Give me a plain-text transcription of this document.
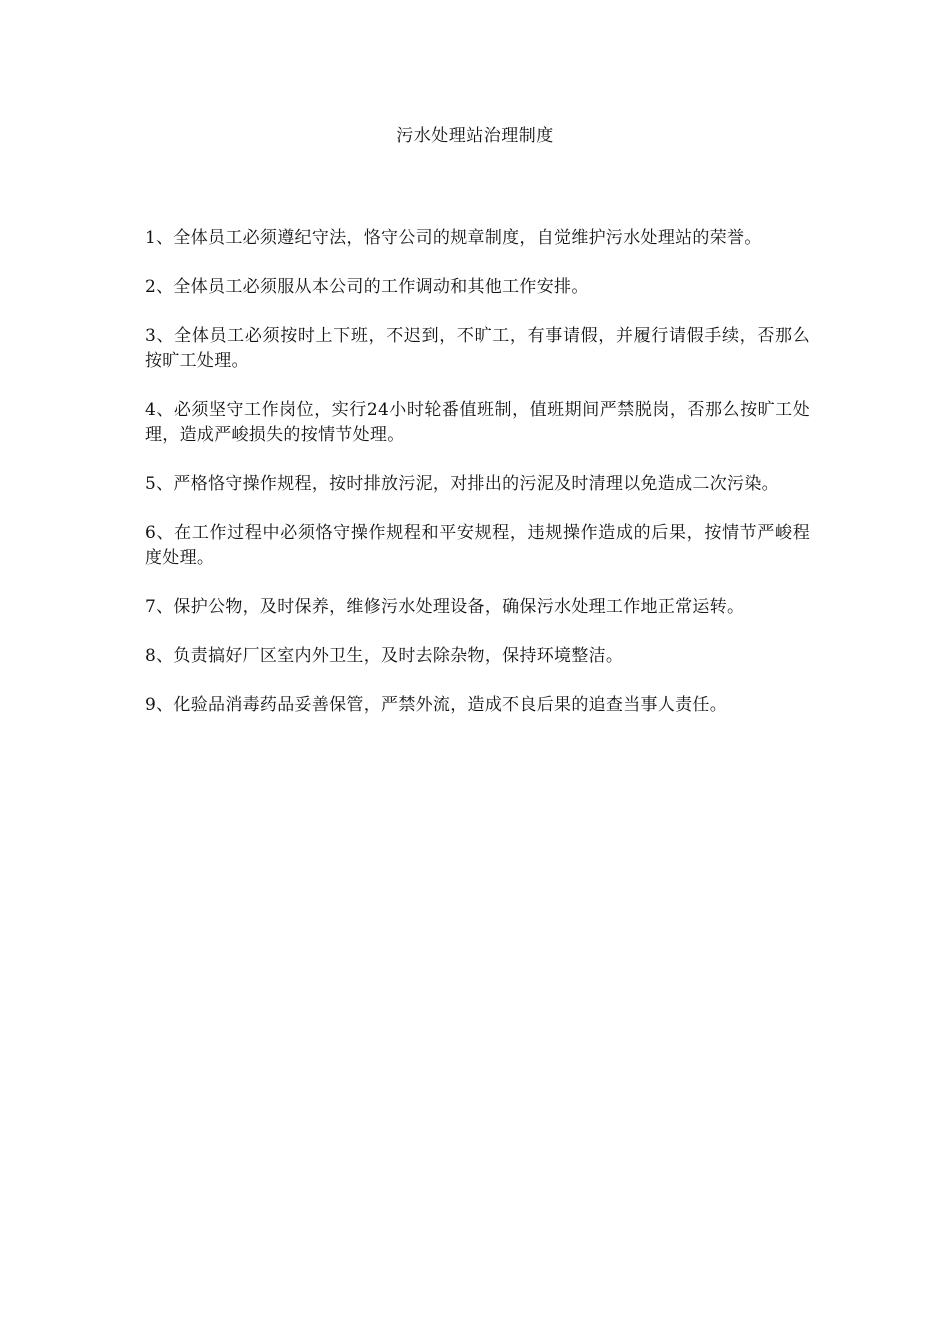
污水处理站治理制度
1、全体员工必须遵纪守法，恪守公司的规章制度，自觉维护污水处理站的荣誉。
2、全体员工必须服从本公司的工作调动和其他工作安排。
3、全体员工必须按时上下班，不迟到，不旷工，有事请假，并履行请假手续，否那么按旷工处理。
4、必须坚守工作岗位，实行24小时轮番值班制，值班期间严禁脱岗，否那么按旷工处理，造成严峻损失的按情节处理。
5、严格恪守操作规程，按时排放污泥，对排出的污泥及时清理以免造成二次污染。
6、在工作过程中必须恪守操作规程和平安规程，违规操作造成的后果，按情节严峻程度处理。
7、保护公物，及时保养，维修污水处理设备，确保污水处理工作地正常运转。
8、负责搞好厂区室内外卫生，及时去除杂物，保持环境整洁。
9、化验品消毒药品妥善保管，严禁外流，造成不良后果的追查当事人责任。
